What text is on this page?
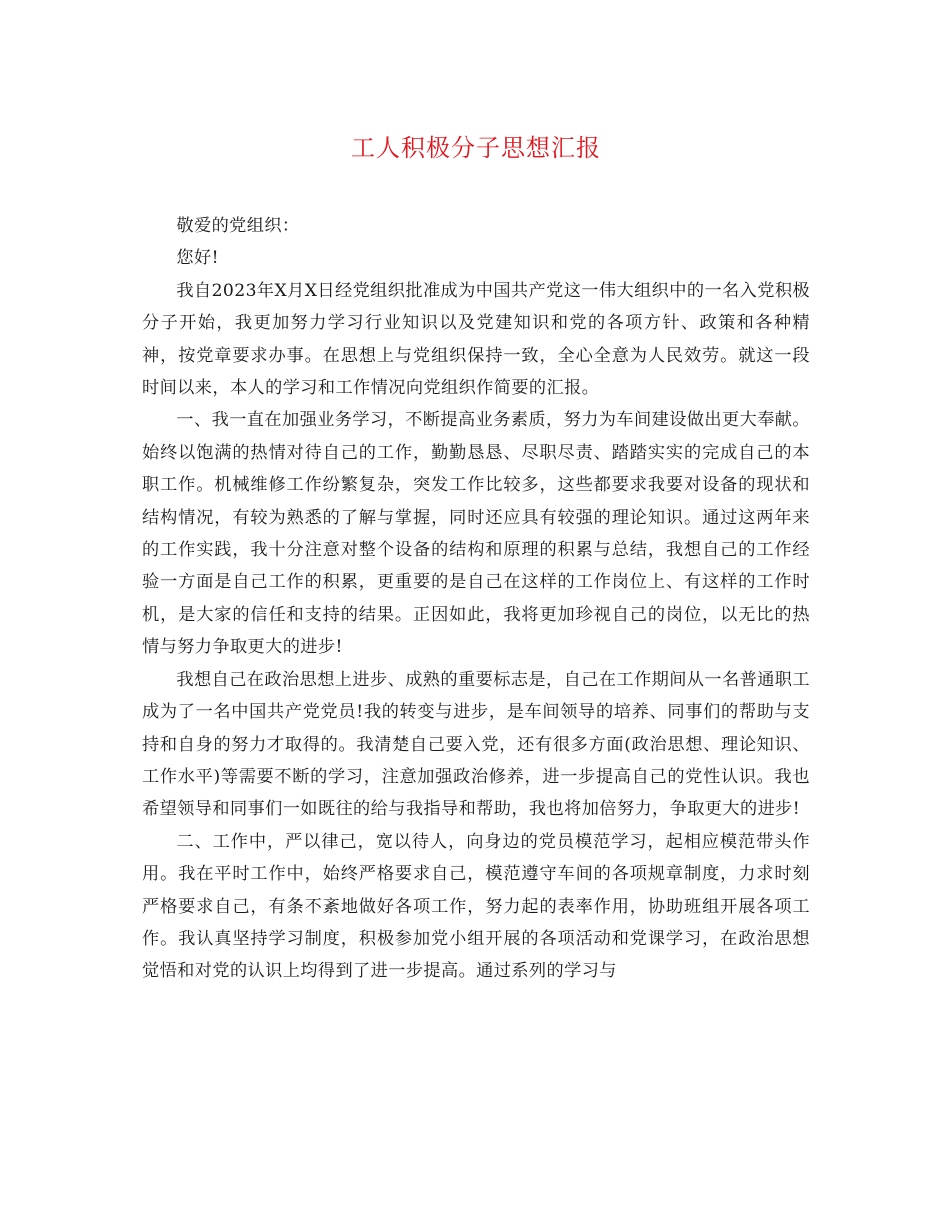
工人积极分子思想汇报

敬爱的党组织：

您好!

我自2023年X月X日经党组织批准成为中国共产党这一伟大组织中的一名入党积极分子开始，我更加努力学习行业知识以及党建知识和党的各项方针、政策和各种精神，按党章要求办事。在思想上与党组织保持一致，全心全意为人民效劳。就这一段时间以来，本人的学习和工作情况向党组织作简要的汇报。

一、我一直在加强业务学习，不断提高业务素质，努力为车间建设做出更大奉献。始终以饱满的热情对待自己的工作，勤勤恳恳、尽职尽责、踏踏实实的完成自己的本职工作。机械维修工作纷繁复杂，突发工作比较多，这些都要求我要对设备的现状和结构情况，有较为熟悉的了解与掌握，同时还应具有较强的理论知识。通过这两年来的工作实践，我十分注意对整个设备的结构和原理的积累与总结，我想自己的工作经验一方面是自己工作的积累，更重要的是自己在这样的工作岗位上、有这样的工作时机，是大家的信任和支持的结果。正因如此，我将更加珍视自己的岗位，以无比的热情与努力争取更大的进步!

我想自己在政治思想上进步、成熟的重要标志是，自己在工作期间从一名普通职工成为了一名中国共产党党员!我的转变与进步，是车间领导的培养、同事们的帮助与支持和自身的努力才取得的。我清楚自己要入党，还有很多方面(政治思想、理论知识、工作水平)等需要不断的学习，注意加强政治修养，进一步提高自己的党性认识。我也希望领导和同事们一如既往的给与我指导和帮助，我也将加倍努力，争取更大的进步!

二、工作中，严以律己，宽以待人，向身边的党员模范学习，起相应模范带头作用。我在平时工作中，始终严格要求自己，模范遵守车间的各项规章制度，力求时刻严格要求自己，有条不紊地做好各项工作，努力起的表率作用，协助班组开展各项工作。我认真坚持学习制度，积极参加党小组开展的各项活动和党课学习，在政治思想觉悟和对党的认识上均得到了进一步提高。通过系列的学习与
